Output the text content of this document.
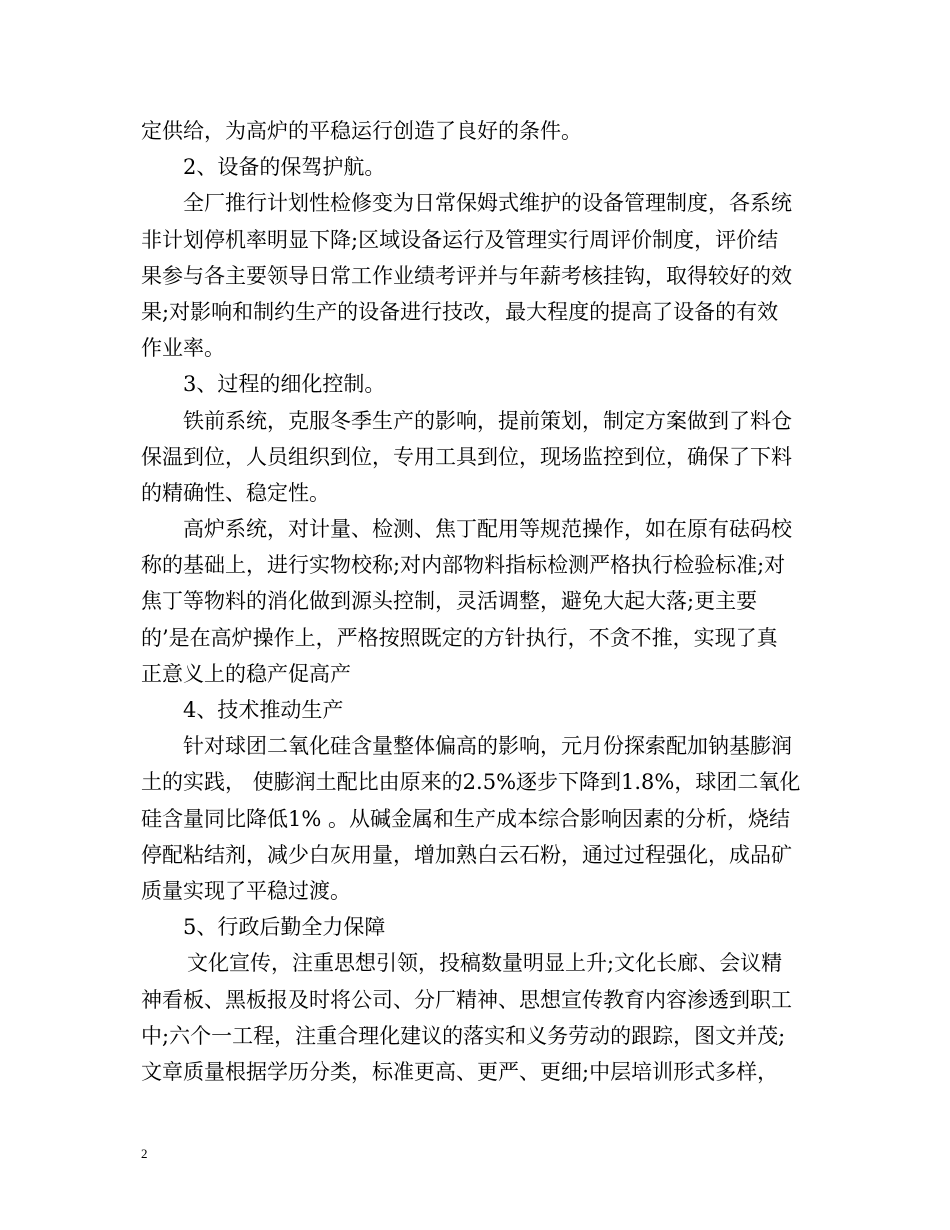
定供给，为高炉的平稳运行创造了良好的条件。
2、设备的保驾护航。
全厂推行计划性检修变为日常保姆式维护的设备管理制度，各系统
非计划停机率明显下降;区域设备运行及管理实行周评价制度，评价结
果参与各主要领导日常工作业绩考评并与年薪考核挂钩，取得较好的效
果;对影响和制约生产的设备进行技改，最大程度的提高了设备的有效
作业率。
3、过程的细化控制。
铁前系统，克服冬季生产的影响，提前策划，制定方案做到了料仓
保温到位，人员组织到位，专用工具到位，现场监控到位，确保了下料
的精确性、稳定性。
高炉系统，对计量、检测、焦丁配用等规范操作，如在原有砝码校
称的基础上，进行实物校称;对内部物料指标检测严格执行检验标准;对
焦丁等物料的消化做到源头控制，灵活调整，避免大起大落;更主要
的’是在高炉操作上，严格按照既定的方针执行，不贪不推，实现了真
正意义上的稳产促高产
4、技术推动生产
针对球团二氧化硅含量整体偏高的影响，元月份探索配加钠基膨润
土的实践， 使膨润土配比由原来的2.5%逐步下降到1.8%，球团二氧化
硅含量同比降低1% 。从碱金属和生产成本综合影响因素的分析，烧结
停配粘结剂，减少白灰用量，增加熟白云石粉，通过过程强化，成品矿
质量实现了平稳过渡。
5、行政后勤全力保障
文化宣传，注重思想引领，投稿数量明显上升;文化长廊、会议精
神看板、黑板报及时将公司、分厂精神、思想宣传教育内容渗透到职工
中;六个一工程，注重合理化建议的落实和义务劳动的跟踪，图文并茂;
文章质量根据学历分类，标准更高、更严、更细;中层培训形式多样，
2
